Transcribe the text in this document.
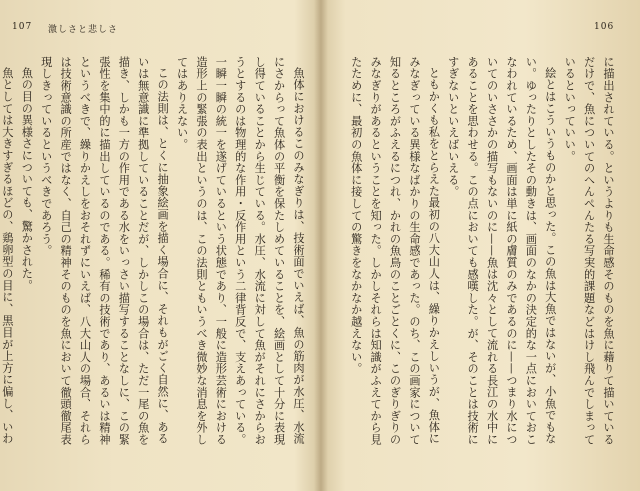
107 激しさと悲しさ

魚体におけるこのみなぎりは、技術面でいえば、魚の筋肉が水圧、水流にさからって魚体の平衡を保たしめていることを、絵画として十分に表現し得ていることから生じている。水圧、水流に対して魚がそれにさからおうとするのは物理的な作用・反作用という二律背反で、支えあっている。一瞬一瞬の統一を遂げているという状態であり、一般に造形芸術における造形上の緊張の表出というのは、この法則ともいうべき微妙な消息を外してはありえない。

この法則は、とくに抽象絵画を描く場合に、それもがごく自然に、あるいは無意識に準拠していることだが、しかしこの場合は、ただ一尾の魚を描き、しかも一方の作用である水をいっさい描写することなしに、この緊張性を集中的に描出しているのである。稀有の技術であり、あるいは精神というべきで、繰りかえしをおそれずにいえば、八大山人の場合、それらは技術意識の所産ではなく、自己の精神そのものを魚において徹頭徹尾表現しきっているというべきであろう。

魚の目の異様さについても、驚かされた。

魚としては大きすぎるほどの、鶏卵型の目に、黒目が上方に偏し、いわ

106

に描出されている。というよりも生命感そのものを魚に藉りて描いているだけで、魚についてのへんぺんたる写実的課題などはけし飛んでしまっているといっていい。

絵とはこういうものかと思った。この魚は大魚ではないが、小魚でもない。ゆったりとしたその動きは、画面のなかの決定的な一点においておこなわれているため、画面は単に紙の膚質のみであるのに——つまり水についてのいささかの描写もないのに——魚は沈々として流れる長江の水中にあることを思わせる。この点においても感嘆した。が、そのことは技術にすぎないといえばいえる。

ともかくも私をとらえた最初の八大山人は、繰りかえしいうが、魚体にみなぎっている異様なばかりの生命感であった。のち、この画家について知るところがふえるにつれ、かれの魚鳥のことごとくに、このぎりぎりのみなぎりがあるということを知った。しかしそれらは知識がふえてから見たために、最初の魚体に接しての驚きをなかなか越えない。
